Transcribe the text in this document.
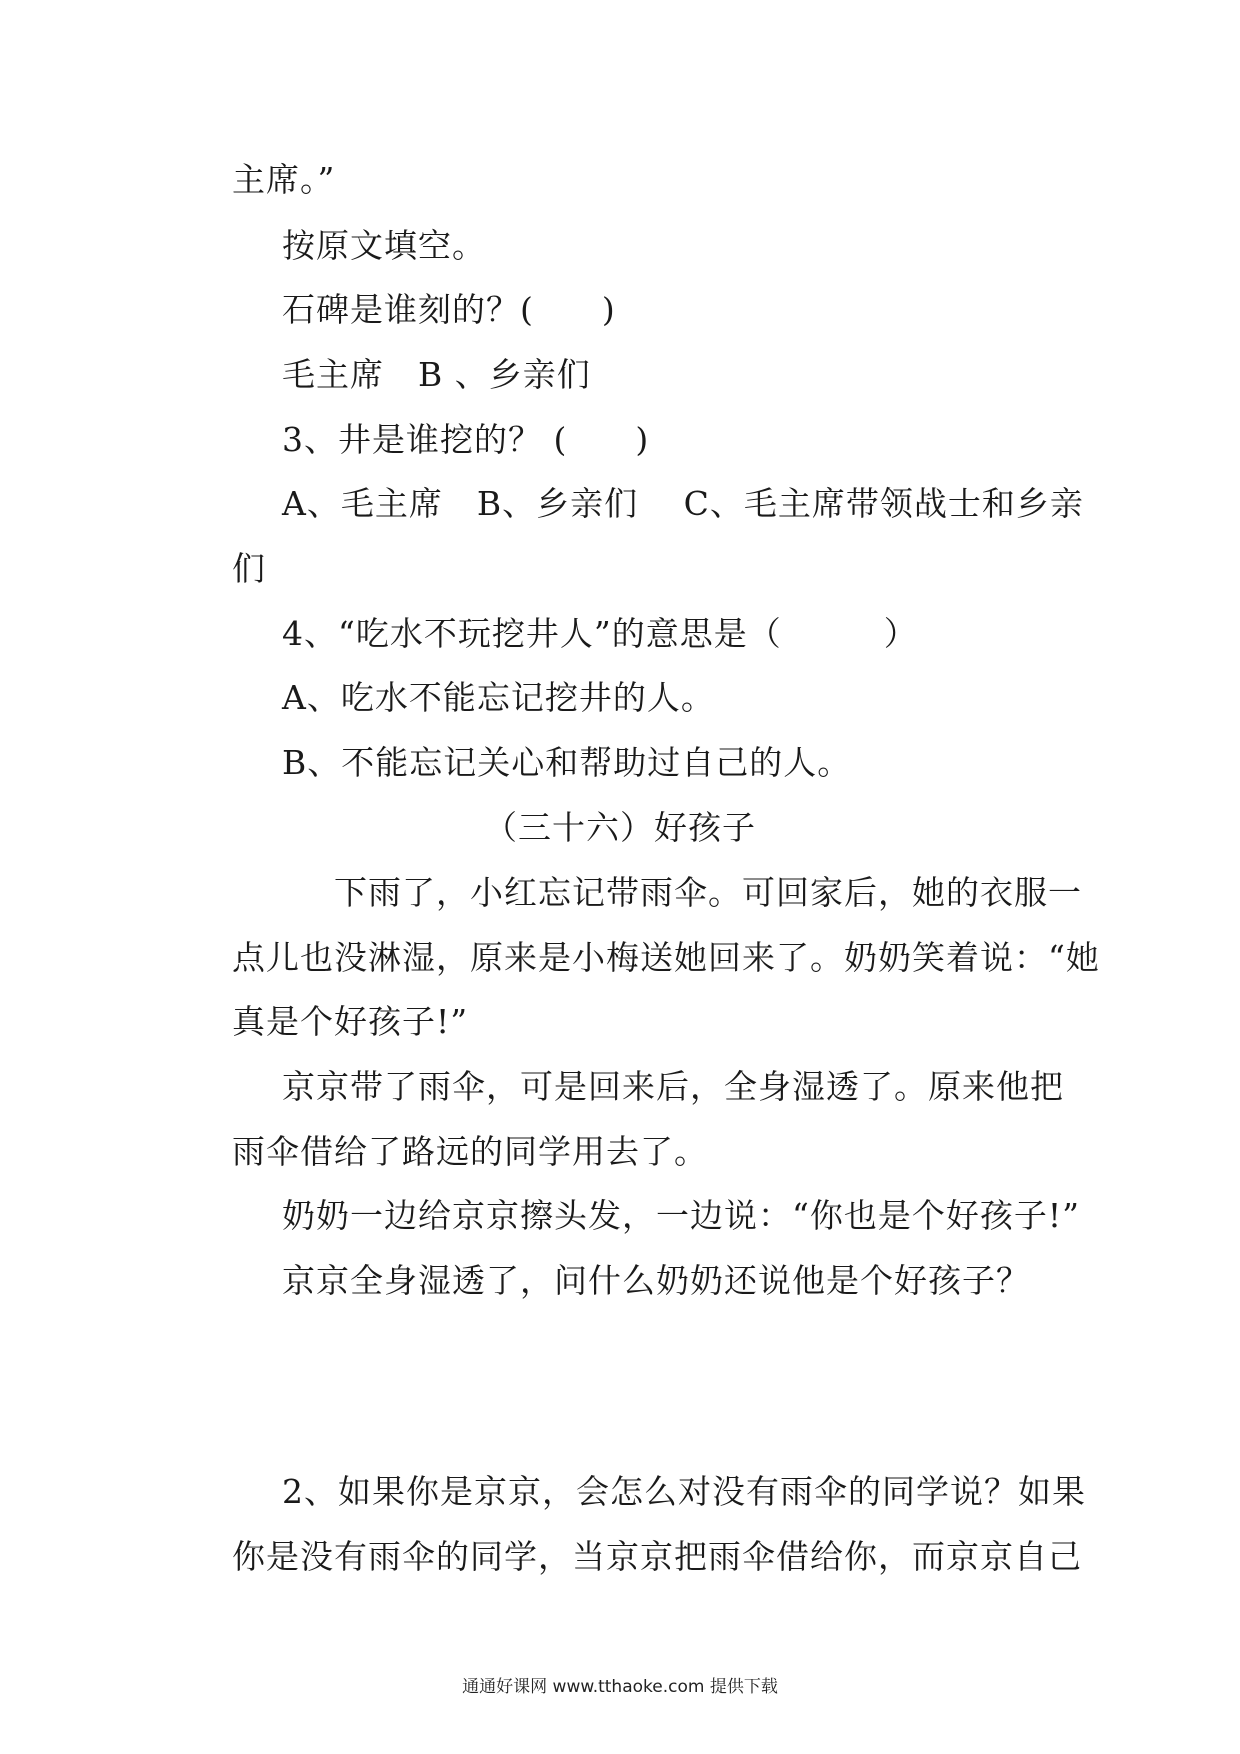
主席。”
按原文填空。
石碑是谁刻的？(　　)
毛主席　B 、乡亲们
3、井是谁挖的？ (　　)
A、毛主席　B、乡亲们　 C、毛主席带领战士和乡亲
们
4、“吃水不玩挖井人”的意思是（　　　）
A、吃水不能忘记挖井的人。
B、不能忘记关心和帮助过自己的人。
（三十六）好孩子
下雨了，小红忘记带雨伞。可回家后，她的衣服一
点儿也没淋湿，原来是小梅送她回来了。奶奶笑着说：“她
真是个好孩子!”
京京带了雨伞，可是回来后，全身湿透了。原来他把
雨伞借给了路远的同学用去了。
奶奶一边给京京擦头发，一边说：“你也是个好孩子!”
京京全身湿透了，问什么奶奶还说他是个好孩子？
2、如果你是京京，会怎么对没有雨伞的同学说？如果
你是没有雨伞的同学，当京京把雨伞借给你，而京京自己
通通好课网 www.tthaoke.com 提供下载
